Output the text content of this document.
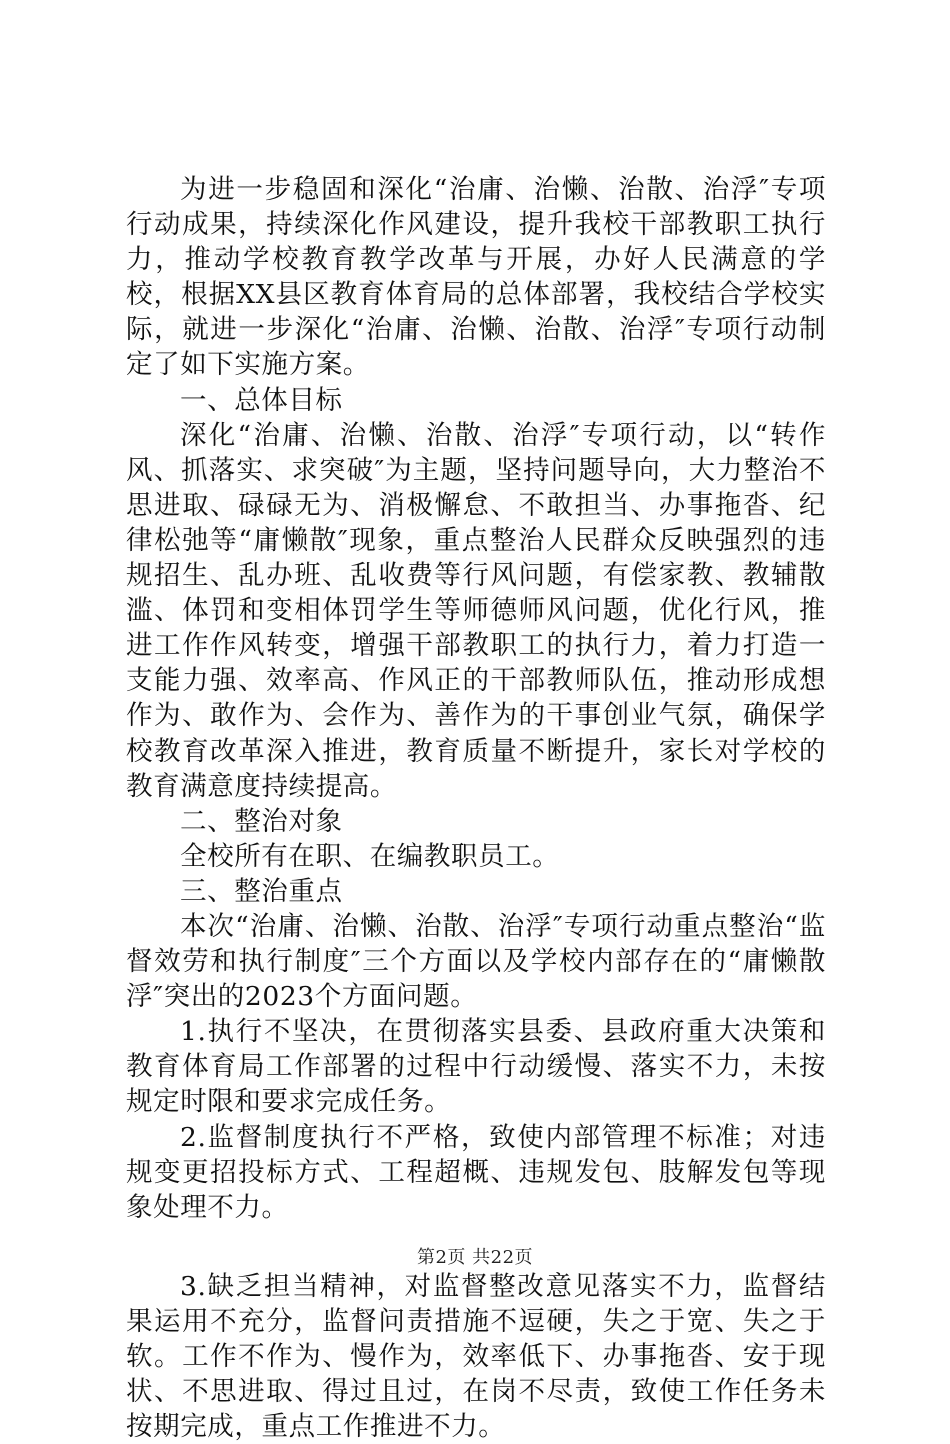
为进一步稳固和深化“治庸、治懒、治散、治浮″专项行动成果，持续深化作风建设，提升我校干部教职工执行力，推动学校教育教学改革与开展，办好人民满意的学校，根据XX县区教育体育局的总体部署，我校结合学校实际，就进一步深化“治庸、治懒、治散、治浮″专项行动制定了如下实施方案。

一、总体目标

深化“治庸、治懒、治散、治浮″专项行动，以“转作风、抓落实、求突破″为主题，坚持问题导向，大力整治不思进取、碌碌无为、消极懈怠、不敢担当、办事拖沓、纪律松弛等“庸懒散″现象，重点整治人民群众反映强烈的违规招生、乱办班、乱收费等行风问题，有偿家教、教辅散滥、体罚和变相体罚学生等师德师风问题，优化行风，推进工作作风转变，增强干部教职工的执行力，着力打造一支能力强、效率高、作风正的干部教师队伍，推动形成想作为、敢作为、会作为、善作为的干事创业气氛，确保学校教育改革深入推进，教育质量不断提升，家长对学校的教育满意度持续提高。

二、整治对象

全校所有在职、在编教职员工。

三、整治重点

本次“治庸、治懒、治散、治浮″专项行动重点整治“监督效劳和执行制度″三个方面以及学校内部存在的“庸懒散浮″突出的2023个方面问题。

1.执行不坚决，在贯彻落实县委、县政府重大决策和教育体育局工作部署的过程中行动缓慢、落实不力，未按规定时限和要求完成任务。

2.监督制度执行不严格，致使内部管理不标准；对违规变更招投标方式、工程超概、违规发包、肢解发包等现象处理不力。

3.缺乏担当精神，对监督整改意见落实不力，监督结果运用不充分，监督问责措施不逗硬，失之于宽、失之于软。工作不作为、慢作为，效率低下、办事拖沓、安于现状、不思进取、得过且过，在岗不尽责，致使工作任务未按期完成，重点工作推进不力。

第2页 共22页
